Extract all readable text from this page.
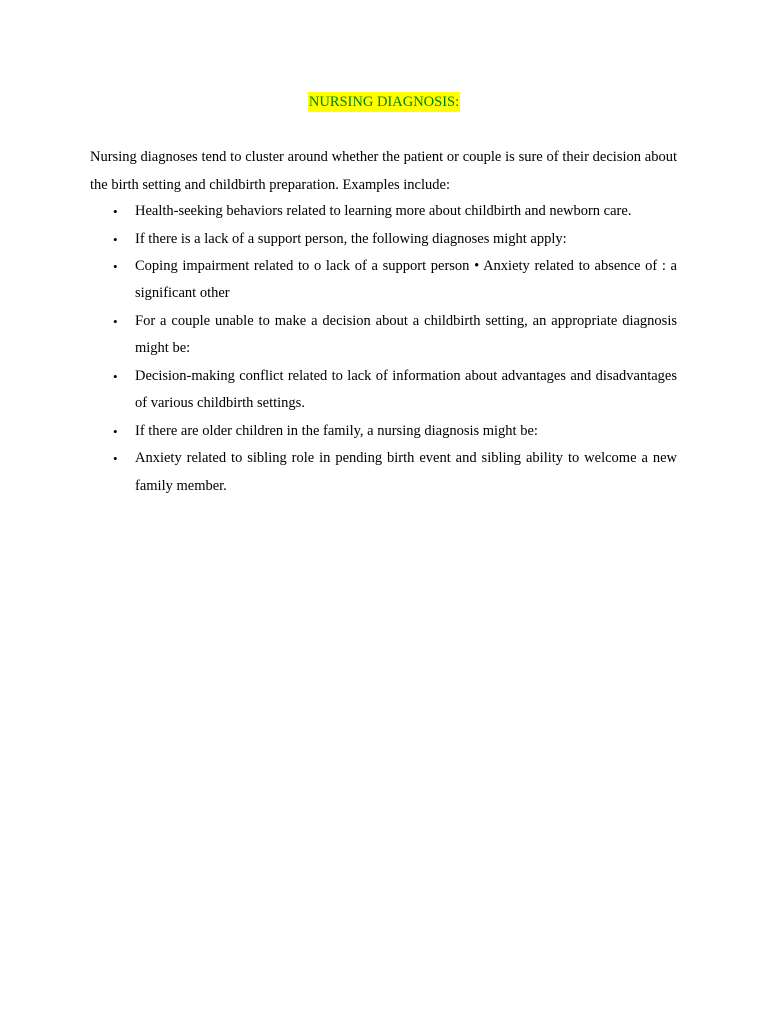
NURSING DIAGNOSIS:

Nursing diagnoses tend to cluster around whether the patient or couple is sure of their decision about the birth setting and childbirth preparation. Examples include:

• Health-seeking behaviors related to learning more about childbirth and newborn care.
• If there is a lack of a support person, the following diagnoses might apply:
• Coping impairment related to o lack of a support person • Anxiety related to absence of : a significant other
• For a couple unable to make a decision about a childbirth setting, an appropriate diagnosis might be:
• Decision-making conflict related to lack of information about advantages and disadvantages of various childbirth settings.
• If there are older children in the family, a nursing diagnosis might be:
• Anxiety related to sibling role in pending birth event and sibling ability to welcome a new family member.
